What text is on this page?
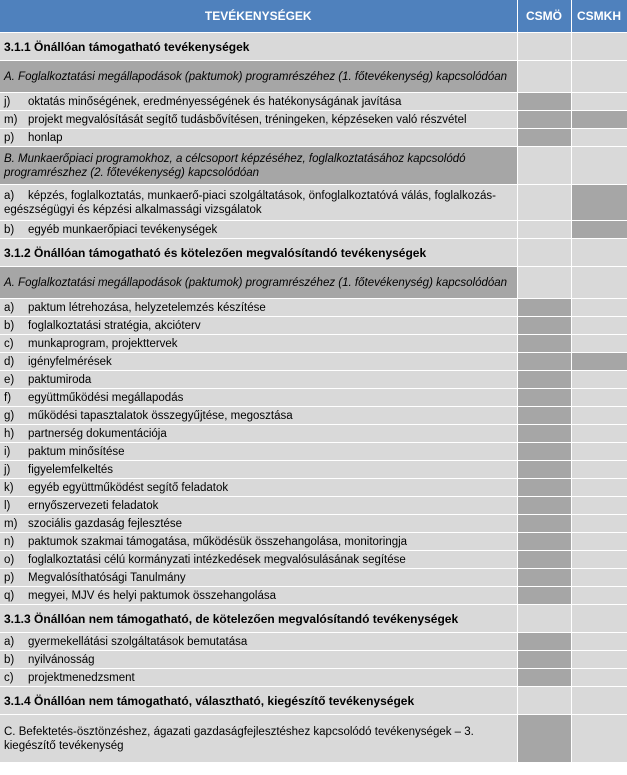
TEVÉKENYSÉGEK	CSMÖ	CSMKH
3.1.1 Önállóan támogatható tevékenységek		
A. Foglalkoztatási megállapodások (paktumok) programrészéhez (1. főtevékenység) kapcsolódóan		
j) oktatás minőségének, eredményességének és hatékonyságának javítása		
m) projekt megvalósítását segítő tudásbővítésen, tréningeken, képzéseken való részvétel		
p) honlap		
B. Munkaerőpiaci programokhoz, a célcsoport képzéséhez, foglalkoztatásához kapcsolódó programrészhez (2. főtevékenység) kapcsolódóan		
a) képzés, foglalkoztatás, munkaerő-piaci szolgáltatások, önfoglalkoztatóvá válás, foglalkozás-egészségügyi és képzési alkalmassági vizsgálatok		
b) egyéb munkaerőpiaci tevékenységek		
3.1.2 Önállóan támogatható és kötelezően megvalósítandó tevékenységek		
A. Foglalkoztatási megállapodások (paktumok) programrészéhez (1. főtevékenység) kapcsolódóan		
a) paktum létrehozása, helyzetelemzés készítése		
b) foglalkoztatási stratégia, akcióterv		
c) munkaprogram, projekttervek		
d) igényfelmérések		
e) paktumiroda		
f) együttműködési megállapodás		
g) működési tapasztalatok összegyűjtése, megosztása		
h) partnerség dokumentációja		
i) paktum minősítése		
j) figyelemfelkeltés		
k) egyéb együttműködést segítő feladatok		
l) ernyőszervezeti feladatok		
m) szociális gazdaság fejlesztése		
n) paktumok szakmai támogatása, működésük összehangolása, monitoringja		
o) foglalkoztatási célú kormányzati intézkedések megvalósulásának segítése		
p) Megvalósíthatósági Tanulmány		
q) megyei, MJV és helyi paktumok összehangolása		
3.1.3 Önállóan nem támogatható, de kötelezően megvalósítandó tevékenységek		
a) gyermekellátási szolgáltatások bemutatása		
b) nyilvánosság		
c) projektmenedzsment		
3.1.4 Önállóan nem támogatható, választható, kiegészítő tevékenységek		
C. Befektetés-ösztönzéshez, ágazati gazdaságfejlesztéshez kapcsolódó tevékenységek – 3. kiegészítő tevékenység		
